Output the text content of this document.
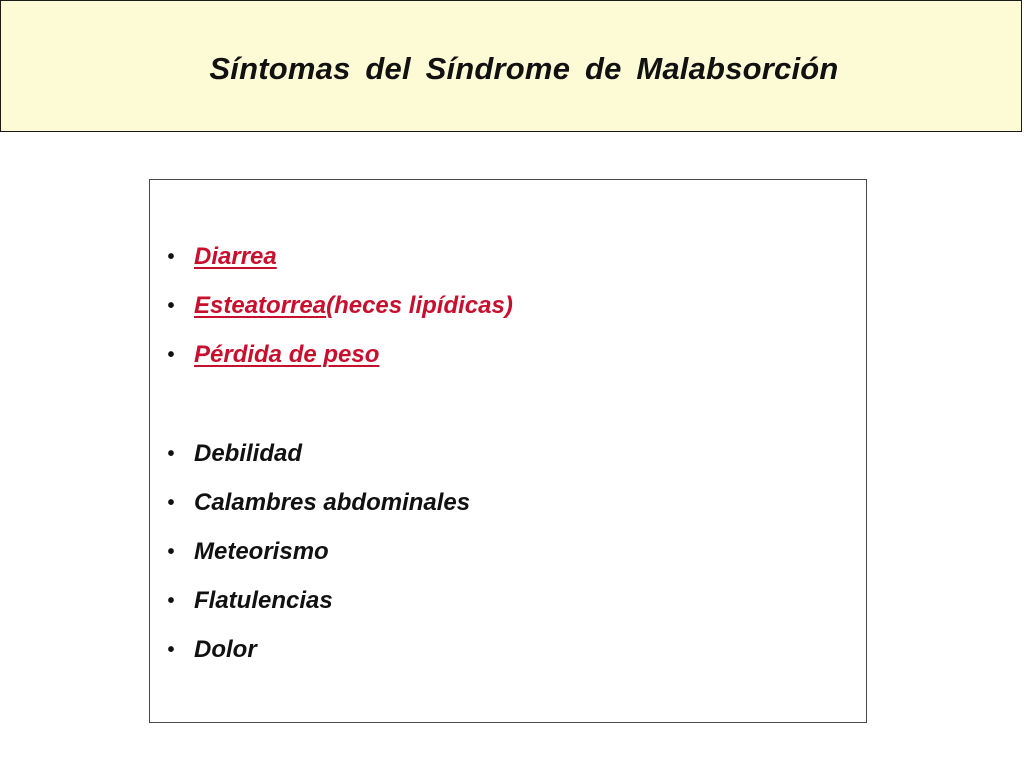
Síntomas del Síndrome de Malabsorción
• Diarrea
• Esteatorrea (heces lipídicas)
• Pérdida de peso
• Debilidad
• Calambres abdominales
• Meteorismo
• Flatulencias
• Dolor
